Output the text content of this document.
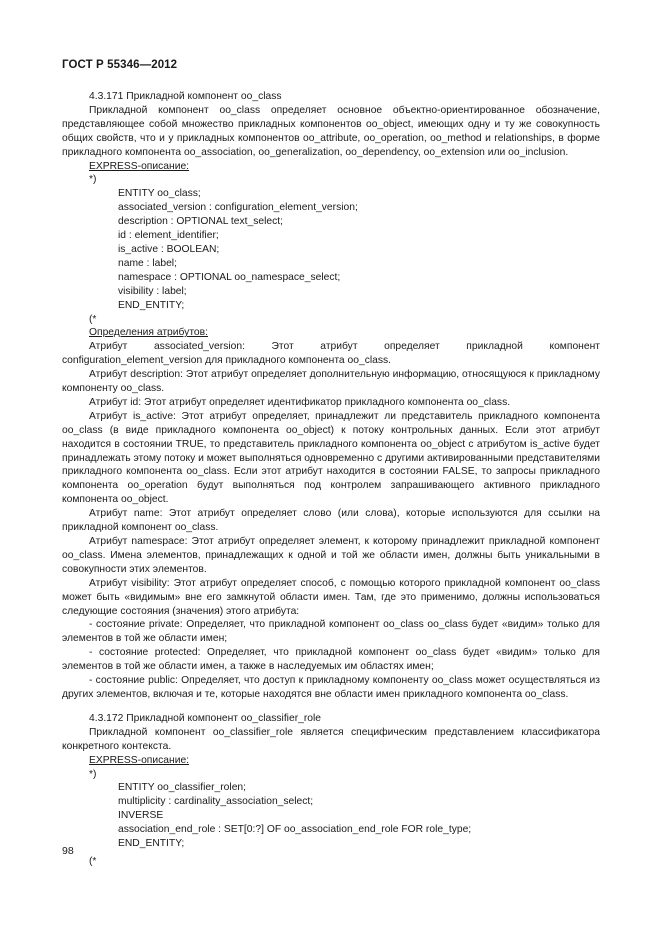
ГОСТ Р 55346—2012
4.3.171 Прикладной компонент oo_class
Прикладной компонент oo_class определяет основное объектно-ориентированное обозначение, представляющее собой множество прикладных компонентов oo_object, имеющих одну и ту же совокупность общих свойств, что и у прикладных компонентов oo_attribute, oo_operation, oo_method и relationships, в форме прикладного компонента oo_association, oo_generalization, oo_dependency, oo_extension или oo_inclusion.
EXPRESS-описание:
*)
ENTITY oo_class;
associated_version : configuration_element_version;
description : OPTIONAL text_select;
id : element_identifier;
is_active : BOOLEAN;
name : label;
namespace : OPTIONAL oo_namespace_select;
visibility : label;
END_ENTITY;
(*
Определения атрибутов:
Атрибут associated_version: Этот атрибут определяет прикладной компонент configuration_element_version для прикладного компонента oo_class.
Атрибут description: Этот атрибут определяет дополнительную информацию, относящуюся к прикладному компоненту oo_class.
Атрибут id: Этот атрибут определяет идентификатор прикладного компонента oo_class.
Атрибут is_active: Этот атрибут определяет, принадлежит ли представитель прикладного компонента oo_class (в виде прикладного компонента oo_object) к потоку контрольных данных. Если этот атрибут находится в состоянии TRUE, то представитель прикладного компонента oo_object с атрибутом is_active будет принадлежать этому потоку и может выполняться одновременно с другими активированными представителями прикладного компонента oo_class. Если этот атрибут находится в состоянии FALSE, то запросы прикладного компонента oo_operation будут выполняться под контролем запрашивающего активного прикладного компонента oo_object.
Атрибут name: Этот атрибут определяет слово (или слова), которые используются для ссылки на прикладной компонент oo_class.
Атрибут namespace: Этот атрибут определяет элемент, к которому принадлежит прикладной компонент oo_class. Имена элементов, принадлежащих к одной и той же области имен, должны быть уникальными в совокупности этих элементов.
Атрибут visibility: Этот атрибут определяет способ, с помощью которого прикладной компонент oo_class может быть «видимым» вне его замкнутой области имен. Там, где это применимо, должны использоваться следующие состояния (значения) этого атрибута:
- состояние private: Определяет, что прикладной компонент oo_class oo_class будет «видим» только для элементов в той же области имен;
- состояние protected: Определяет, что прикладной компонент oo_class будет «видим» только для элементов в той же области имен, а также в наследуемых им областях имен;
- состояние public: Определяет, что доступ к прикладному компоненту oo_class может осуществляться из других элементов, включая и те, которые находятся вне области имен прикладного компонента oo_class.
4.3.172 Прикладной компонент oo_classifier_role
Прикладной компонент oo_classifier_role является специфическим представлением классификатора конкретного контекста.
EXPRESS-описание:
*)
ENTITY oo_classifier_rolen;
multiplicity : cardinality_association_select;
INVERSE
association_end_role : SET[0:?] OF oo_association_end_role FOR role_type;
END_ENTITY;
(*
98
